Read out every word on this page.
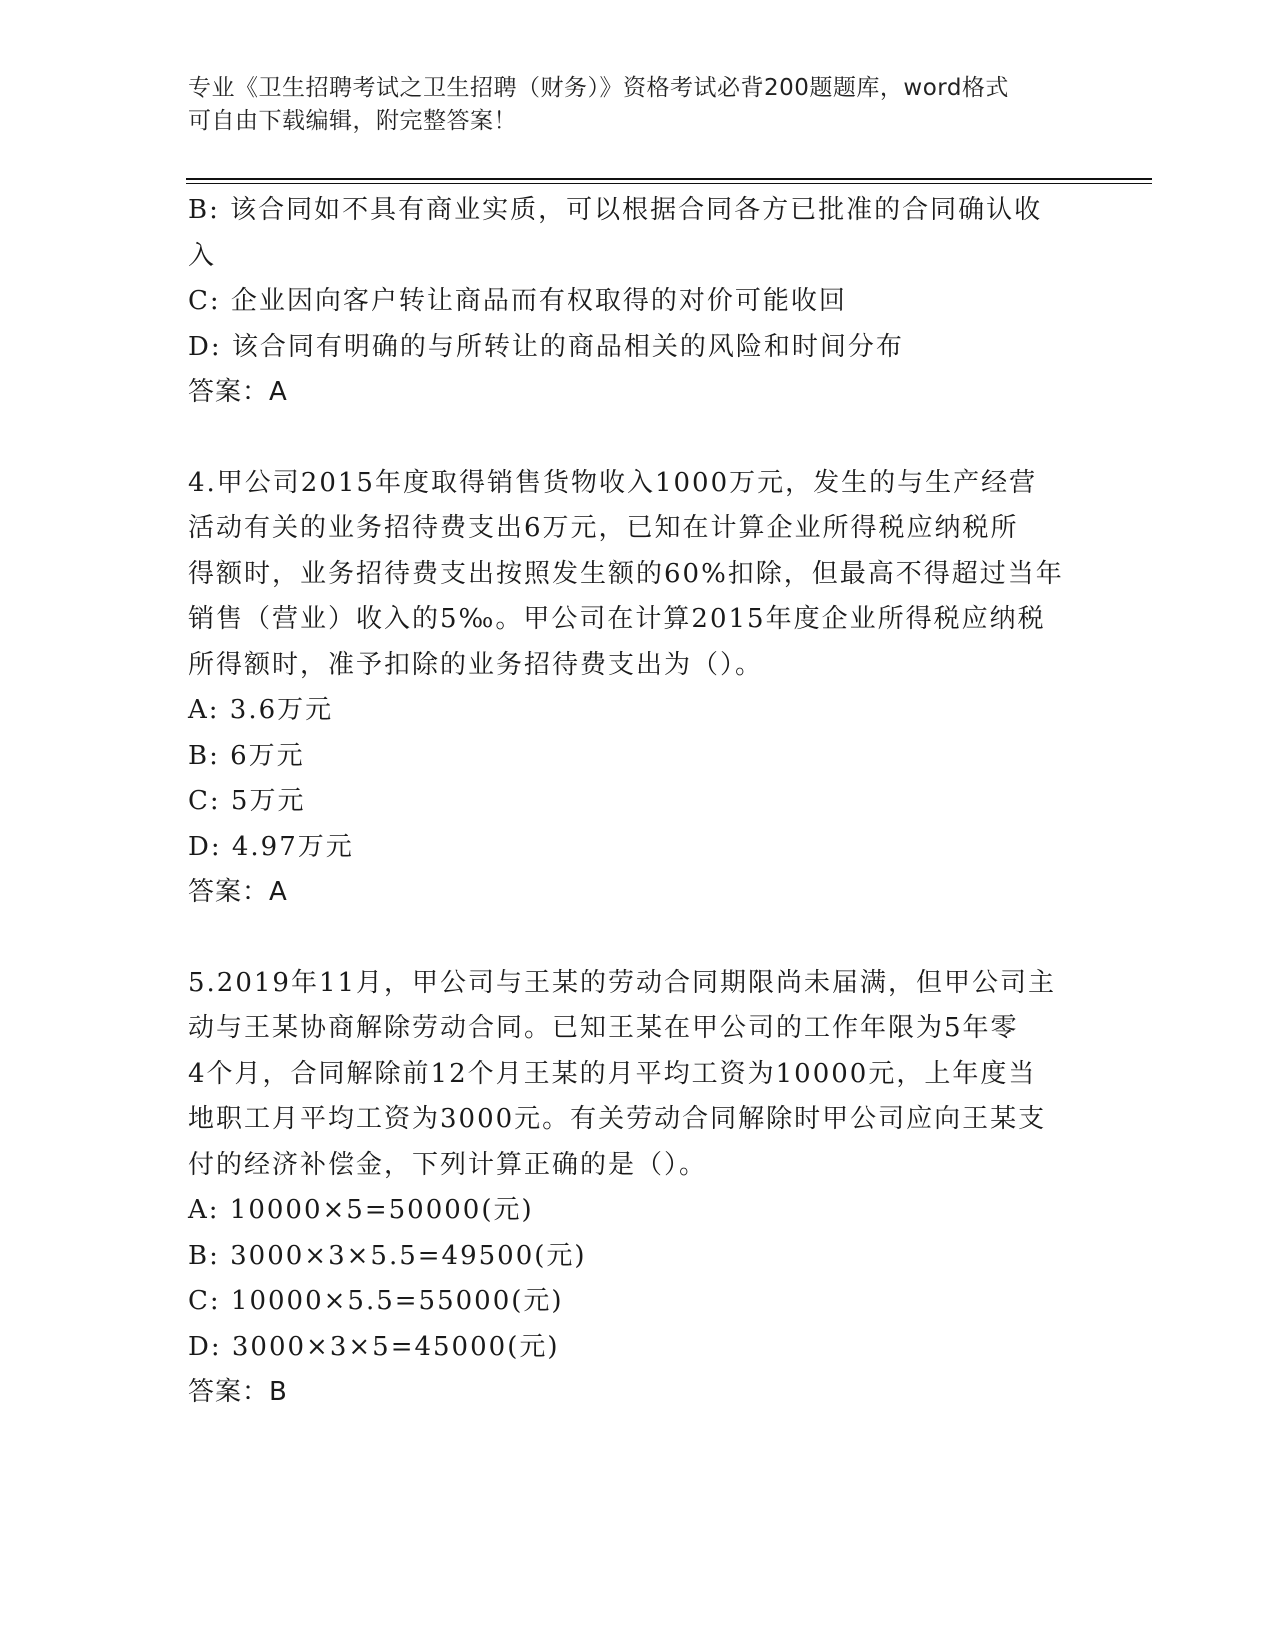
专业《卫生招聘考试之卫生招聘（财务）》资格考试必背200题题库，word格式
可自由下载编辑，附完整答案！
B: 该合同如不具有商业实质，可以根据合同各方已批准的合同确认收
入
C: 企业因向客户转让商品而有权取得的对价可能收回
D: 该合同有明确的与所转让的商品相关的风险和时间分布
答案：A
4.甲公司2015年度取得销售货物收入1000万元，发生的与生产经营
活动有关的业务招待费支出6万元，已知在计算企业所得税应纳税所
得额时，业务招待费支出按照发生额的60%扣除，但最高不得超过当年
销售（营业）收入的5‰。甲公司在计算2015年度企业所得税应纳税
所得额时，准予扣除的业务招待费支出为（）。
A: 3.6万元
B: 6万元
C: 5万元
D: 4.97万元
答案：A
5.2019年11月，甲公司与王某的劳动合同期限尚未届满，但甲公司主
动与王某协商解除劳动合同。已知王某在甲公司的工作年限为5年零
4个月，合同解除前12个月王某的月平均工资为10000元，上年度当
地职工月平均工资为3000元。有关劳动合同解除时甲公司应向王某支
付的经济补偿金，下列计算正确的是（）。
A: 10000×5=50000(元)
B: 3000×3×5.5=49500(元)
C: 10000×5.5=55000(元)
D: 3000×3×5=45000(元)
答案：B
